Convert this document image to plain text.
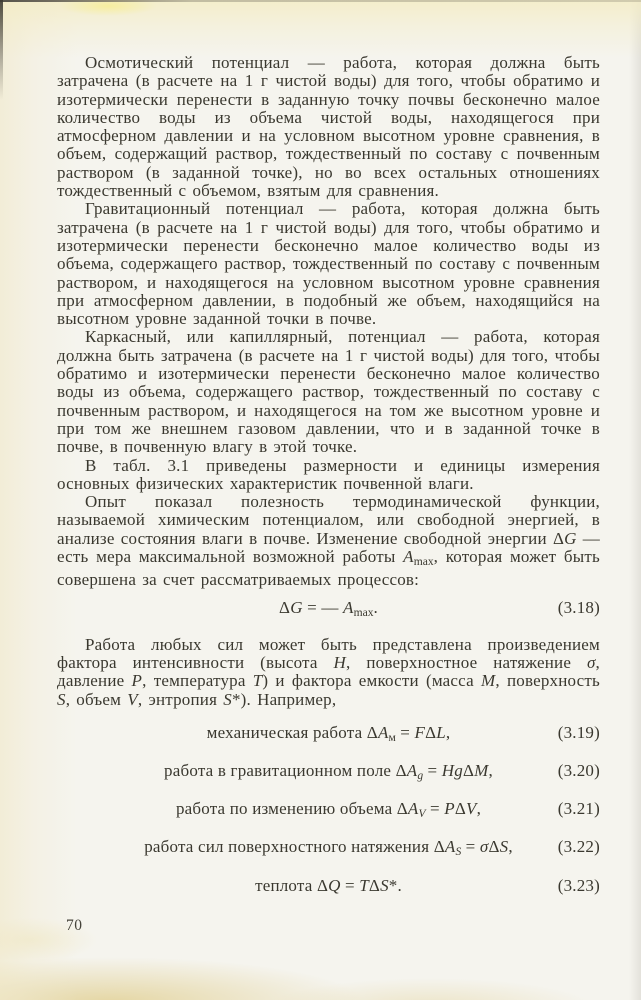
Осмотический потенциал — работа, которая должна быть затрачена (в расчете на 1 г чистой воды) для того, чтобы обратимо и изотермически перенести в заданную точку почвы бесконечно малое количество воды из объема чистой воды, находящегося при атмосферном давлении и на условном высотном уровне сравнения, в объем, содержащий раствор, тождественный по составу с почвенным раствором (в заданной точке), но во всех остальных отношениях тождественный с объемом, взятым для сравнения.

Гравитационный потенциал — работа, которая должна быть затрачена (в расчете на 1 г чистой воды) для того, чтобы обратимо и изотермически перенести бесконечно малое количество воды из объема, содержащего раствор, тождественный по составу с почвенным раствором, и находящегося на условном высотном уровне сравнения при атмосферном давлении, в подобный же объем, находящийся на высотном уровне заданной точки в почве.

Каркасный, или капиллярный, потенциал — работа, которая должна быть затрачена (в расчете на 1 г чистой воды) для того, чтобы обратимо и изотермически перенести бесконечно малое количество воды из объема, содержащего раствор, тождественный по составу с почвенным раствором, и находящегося на том же высотном уровне и при том же внешнем газовом давлении, что и в заданной точке в почве, в почвенную влагу в этой точке.

В табл. 3.1 приведены размерности и единицы измерения основных физических характеристик почвенной влаги.

Опыт показал полезность термодинамической функции, называемой химическим потенциалом, или свободной энергией, в анализе состояния влаги в почве. Изменение свободной энергии ΔG — есть мера максимальной возможной работы Amax, которая может быть совершена за счет рассматриваемых процессов:

ΔG = — Amax.	(3.18)

Работа любых сил может быть представлена произведением фактора интенсивности (высота H, поверхностное натяжение σ, давление P, температура T) и фактора емкости (масса M, поверхность S, объем V, энтропия S*). Например,

механическая работа ΔAм = FΔL,	(3.19)
работа в гравитационном поле ΔAg = HgΔM,	(3.20)
работа по изменению объема ΔAV = PΔV,	(3.21)
работа сил поверхностного натяжения ΔAS = σΔS,	(3.22)
теплота ΔQ = TΔS*.	(3.23)
70
